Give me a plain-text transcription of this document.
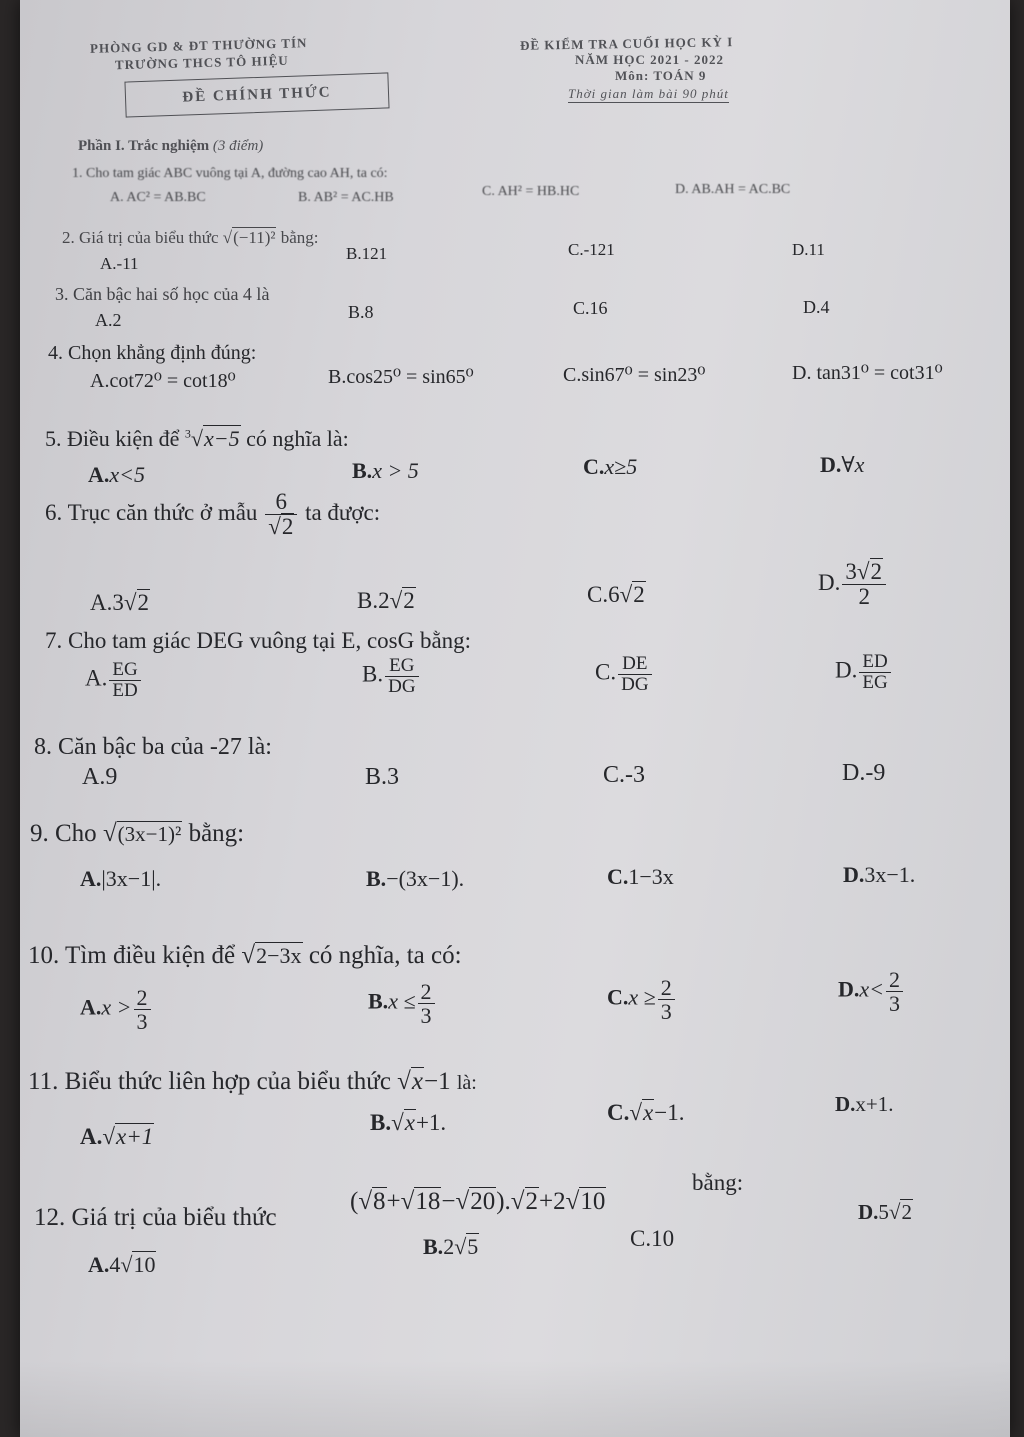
PHÒNG GD & ĐT THƯỜNG TÍN
TRƯỜNG THCS TÔ HIỆU
ĐỀ CHÍNH THỨC
ĐỀ KIỂM TRA CUỐI HỌC KỲ I
NĂM HỌC 2021 - 2022
Môn: TOÁN 9
Thời gian làm bài 90 phút
Phần I. Trắc nghiệm (3 điểm)
1. Cho tam giác ABC vuông tại A, đường cao AH, ta có:
A. AC² = AB.BC	B. AB² = AC.HB	C. AH² = HB.HC	D. AB.AH = AC.BC
2. Giá trị của biểu thức √(−11)² bằng:
A.-11
B.121	C.-121	D.11
3. Căn bậc hai số học của 4 là
A.2	B.8	C.16	D.4
4. Chọn khẳng định đúng:
A.cot72⁰ = cot18⁰	B.cos25⁰ = sin65⁰	C.sin67⁰ = sin23⁰	D. tan31⁰ = cot31⁰
5. Điều kiện để $^3$√x−5 có nghĩa là:
A.x<5	B.x > 5	C.x≥5	D.∀x
6. Trục căn thức ở mẫu $\frac{6}{√2}$ ta được:
A.3√2	B.2√2	C.6√2	D. $\frac{3√2}{2}$
7. Cho tam giác DEG vuông tại E, cosG bằng:
A. $\frac{EG}{ED}$	B. $\frac{EG}{DG}$	C. $\frac{DE}{DG}$	D. $\frac{ED}{EG}$
8. Căn bậc ba của -27 là:
A.9	B.3	C.-3	D.-9
9. Cho √(3x−1)² bằng:
A.|3x−1|.	B.−(3x−1).	C.1−3x	D.3x−1.
10. Tìm điều kiện để √2−3x có nghĩa, ta có:
$A.x > \frac{2}{3}$	$B.x \le \frac{2}{3}$	$C.x \ge \frac{2}{3}$	$D.x< \frac{2}{3}$
11. Biểu thức liên hợp của biểu thức √x−1 là:
A.√x+1
B.√x+1.	C.√x−1.	D.x+1.
12. Giá trị của biểu thức
(√8+√18−√20).√2+2√10
bằng:
A.4√10
B.2√5	C.10
D.5√2
